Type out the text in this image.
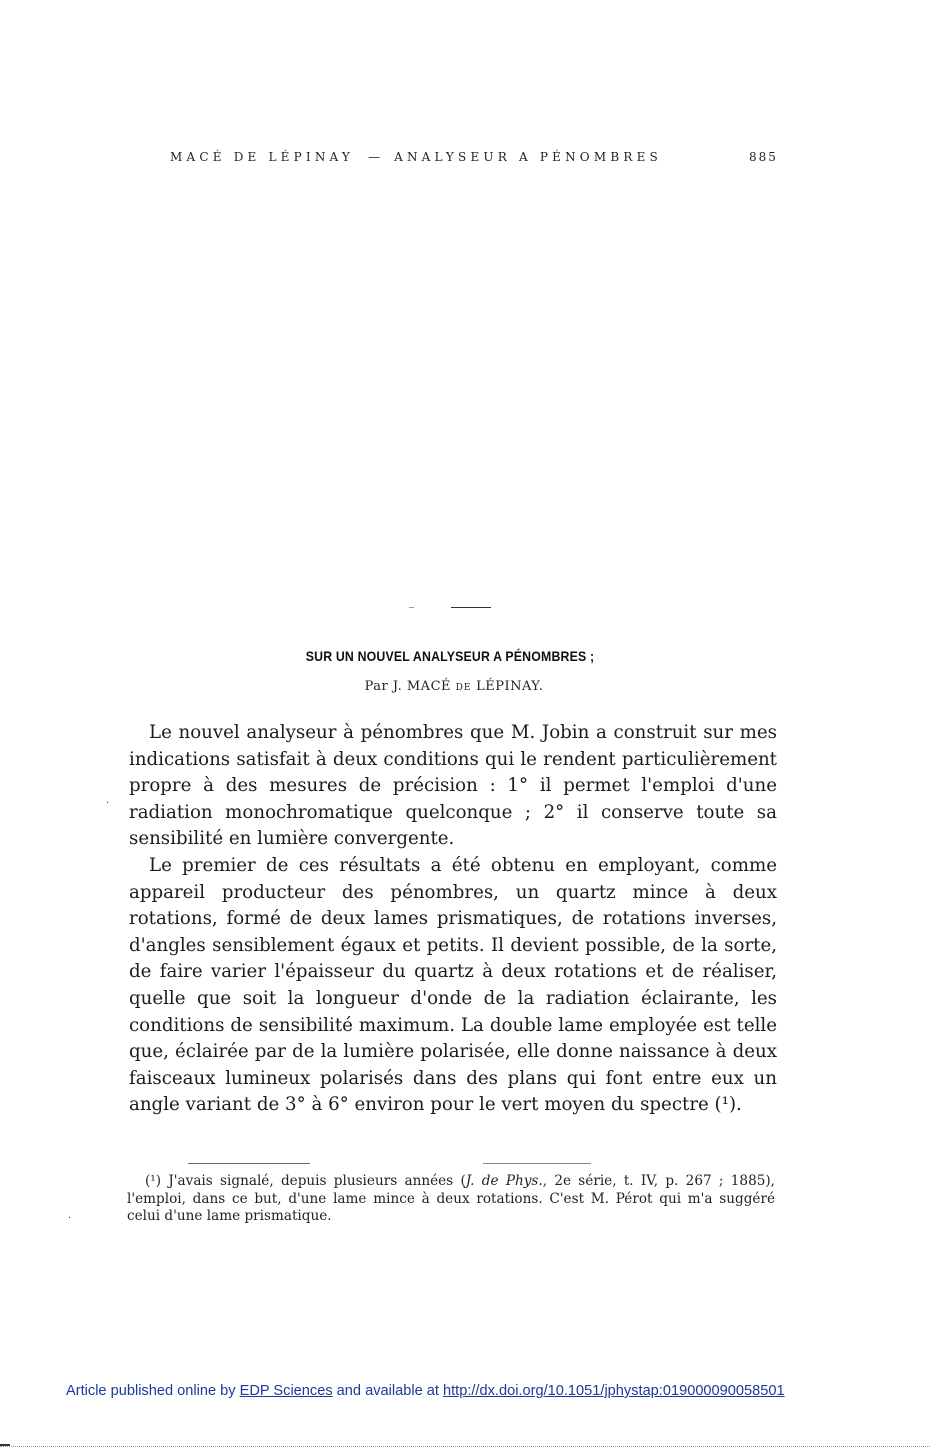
MACÉ DE LÉPINAY — ANALYSEUR A PÉNOMBRES	885
SUR UN NOUVEL ANALYSEUR A PÉNOMBRES ;
Par J. MACÉ DE LÉPINAY.

Le nouvel analyseur à pénombres que M. Jobin a construit sur mes indications satisfait à deux conditions qui le rendent particulièrement propre à des mesures de précision : 1° il permet l'emploi d'une radiation monochromatique quelconque ; 2° il conserve toute sa sensibilité en lumière convergente.

Le premier de ces résultats a été obtenu en employant, comme appareil producteur des pénombres, un quartz mince à deux rotations, formé de deux lames prismatiques, de rotations inverses, d'angles sensiblement égaux et petits. Il devient possible, de la sorte, de faire varier l'épaisseur du quartz à deux rotations et de réaliser, quelle que soit la longueur d'onde de la radiation éclairante, les conditions de sensibilité maximum. La double lame employée est telle que, éclairée par de la lumière polarisée, elle donne naissance à deux faisceaux lumineux polarisés dans des plans qui font entre eux un angle variant de 3° à 6° environ pour le vert moyen du spectre (¹).

·
·

(¹) J'avais signalé, depuis plusieurs années (J. de Phys., 2e série, t. IV, p. 267 ; 1885), l'emploi, dans ce but, d'une lame mince à deux rotations. C'est M. Pérot qui m'a suggéré celui d'une lame prismatique.

Article published online by EDP Sciences and available at http://dx.doi.org/10.1051/jphystap:019000090058501
